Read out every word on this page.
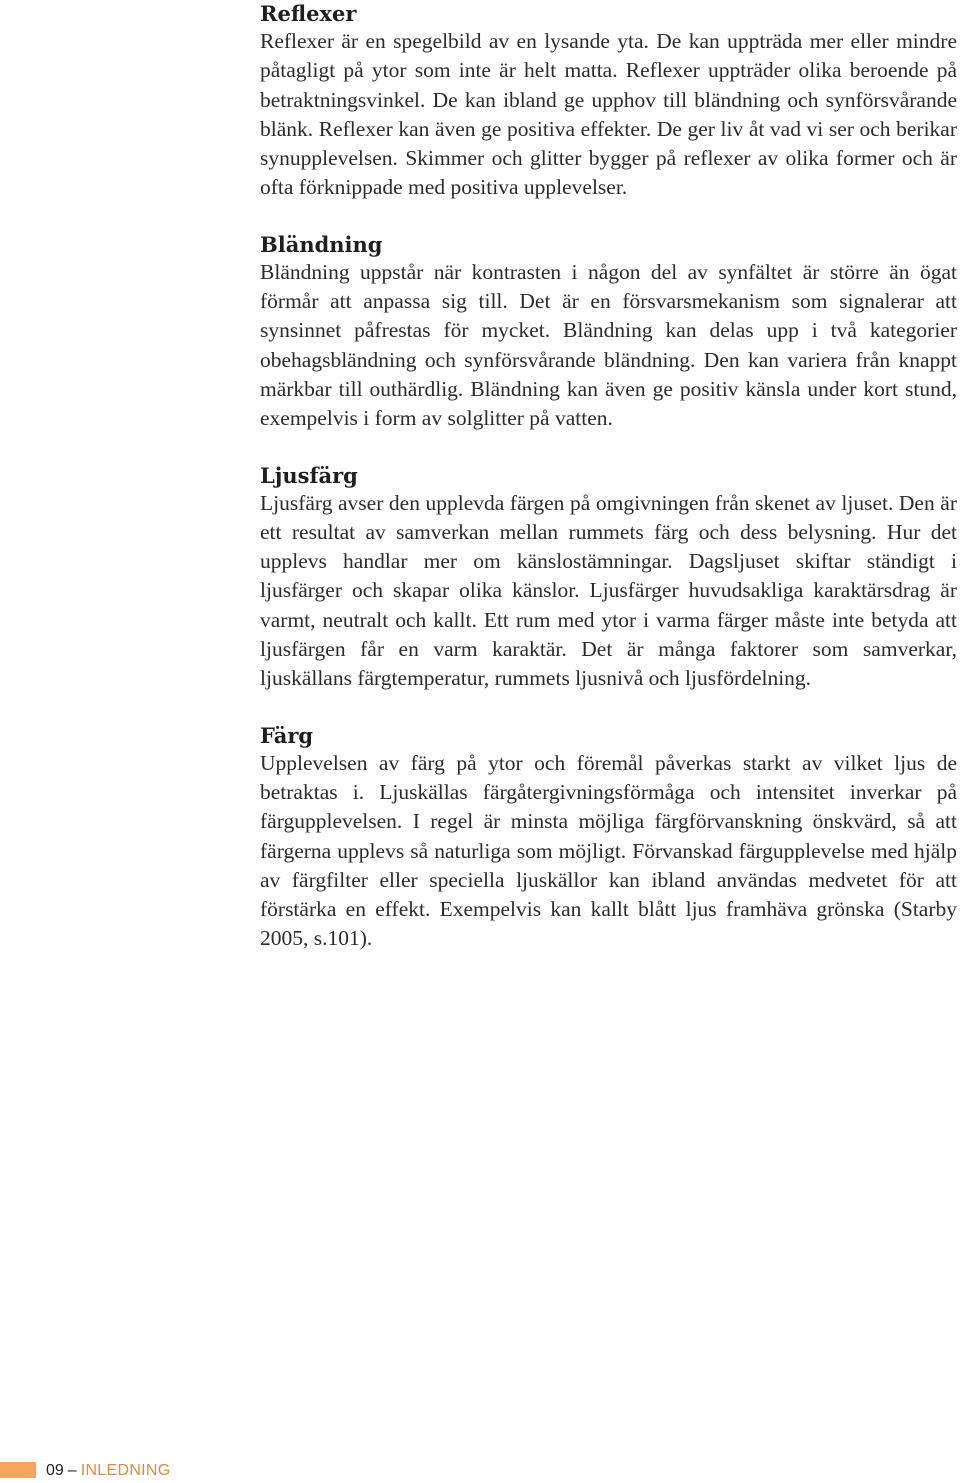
Reflexer

Reflexer är en spegelbild av en lysande yta. De kan uppträda mer eller mindre påtagligt på ytor som inte är helt matta. Reflexer uppträder olika beroende på betraktningsvinkel. De kan ibland ge upphov till bländning och synförsvårande blänk. Reflexer kan även ge positiva effekter. De ger liv åt vad vi ser och berikar synupplevelsen. Skimmer och glitter bygger på reflexer av olika former och är ofta förknippade med positiva upplevelser.

Bländning

Bländning uppstår när kontrasten i någon del av synfältet är större än ögat förmår att anpassa sig till. Det är en försvarsmekanism som signalerar att synsinnet påfrestas för mycket. Bländning kan delas upp i två kategorier obehagsbländning och synförsvårande bländning. Den kan variera från knappt märkbar till outhärdlig. Bländning kan även ge positiv känsla under kort stund, exempelvis i form av solglitter på vatten.

Ljusfärg

Ljusfärg avser den upplevda färgen på omgivningen från skenet av ljuset. Den är ett resultat av samverkan mellan rummets färg och dess belysning. Hur det upplevs handlar mer om känslostämningar. Dagsljuset skiftar ständigt i ljusfärger och skapar olika känslor. Ljusfärger huvudsakliga karaktärsdrag är varmt, neutralt och kallt. Ett rum med ytor i varma färger måste inte betyda att ljusfärgen får en varm karaktär. Det är många faktorer som samverkar, ljuskällans färgtemperatur, rummets ljusnivå och ljusfördelning.

Färg

Upplevelsen av färg på ytor och föremål påverkas starkt av vilket ljus de betraktas i. Ljuskällas färgåtergivningsförmåga och intensitet inverkar på färgupplevelsen. I regel är minsta möjliga färgförvanskning önskvärd, så att färgerna upplevs så naturliga som möjligt. Förvanskad färgupplevelse med hjälp av färgfilter eller speciella ljuskällor kan ibland användas medvetet för att förstärka en effekt. Exempelvis kan kallt blått ljus framhäva grönska (Starby 2005, s.101).

09 – INLEDNING
